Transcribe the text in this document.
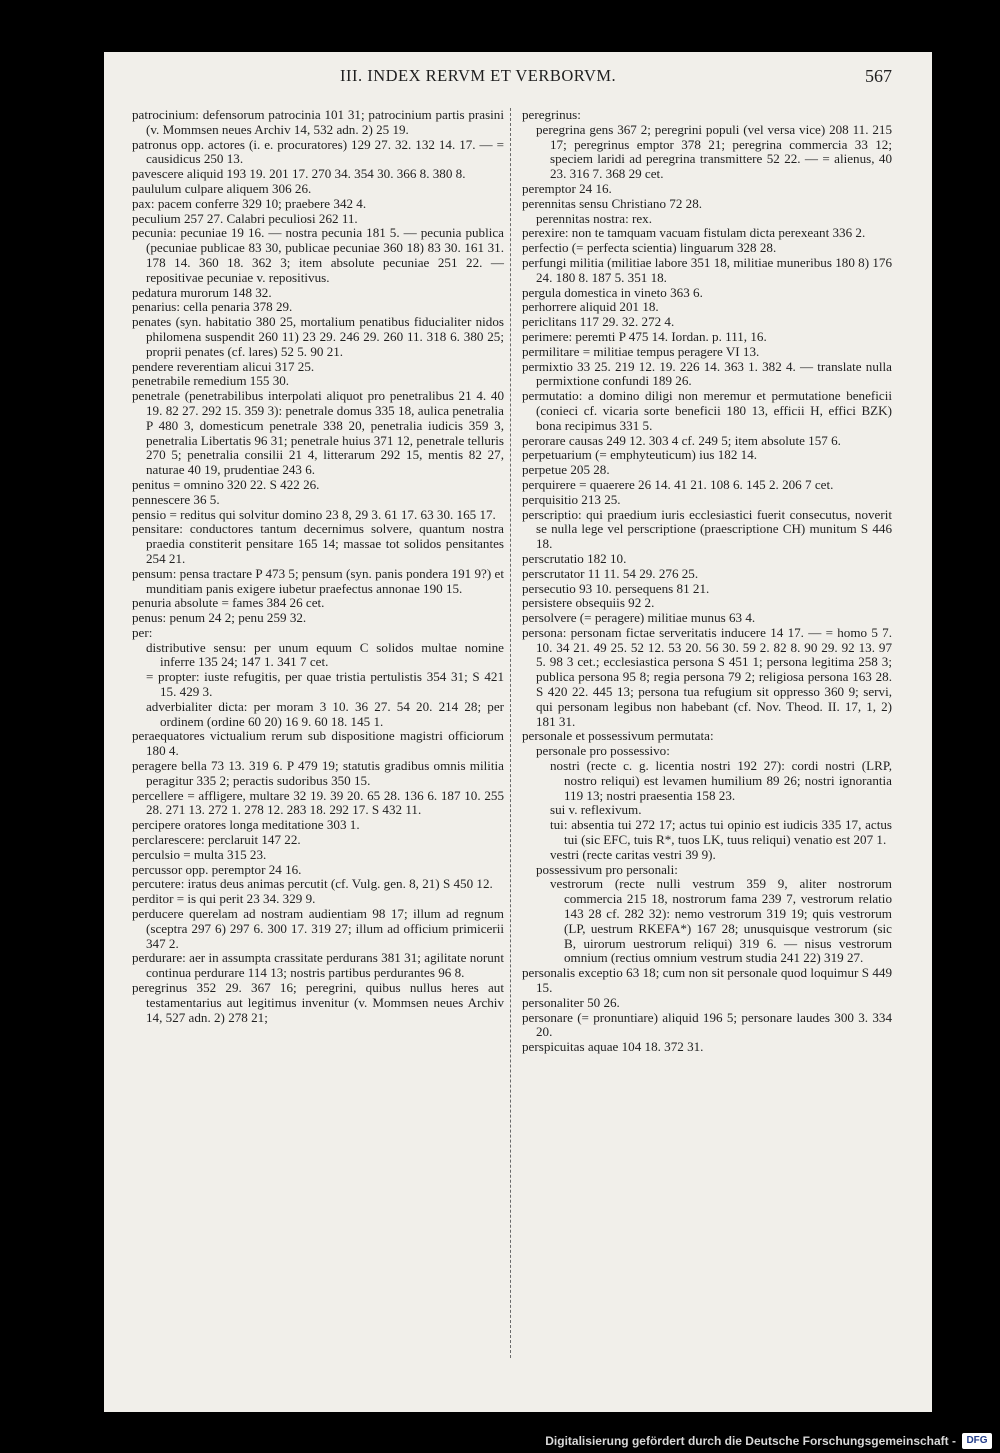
III. INDEX RERVM ET VERBORVM.	567

patrocinium: defensorum patrocinia 101 31; patrocinium partis prasini (v. Mommsen neues Archiv 14, 532 adn. 2) 25 19.

patronus opp. actores (i. e. procuratores) 129 27. 32. 132 14. 17. — = causidicus 250 13.

pavescere aliquid 193 19. 201 17. 270 34. 354 30. 366 8. 380 8.

paululum culpare aliquem 306 26.

pax: pacem conferre 329 10; praebere 342 4.

peculium 257 27. Calabri peculiosi 262 11.

pecunia: pecuniae 19 16. — nostra pecunia 181 5. — pecunia publica (pecuniae publicae 83 30, publicae pecuniae 360 18) 83 30. 161 31. 178 14. 360 18. 362 3; item absolute pecuniae 251 22. — repositivae pecuniae v. repositivus.

pedatura murorum 148 32.

penarius: cella penaria 378 29.

penates (syn. habitatio 380 25, mortalium penatibus fiducialiter nidos philomena suspendit 260 11) 23 29. 246 29. 260 11. 318 6. 380 25; proprii penates (cf. lares) 52 5. 90 21.

pendere reverentiam alicui 317 25.

penetrabile remedium 155 30.

penetrale (penetrabilibus interpolati aliquot pro penetralibus 21 4. 40 19. 82 27. 292 15. 359 3): penetrale domus 335 18, aulica penetralia P 480 3, domesticum penetrale 338 20, penetralia iudicis 359 3, penetralia Libertatis 96 31; penetrale huius 371 12, penetrale telluris 270 5; penetralia consilii 21 4, litterarum 292 15, mentis 82 27, naturae 40 19, prudentiae 243 6.

penitus = omnino 320 22. S 422 26.

pennescere 36 5.

pensio = reditus qui solvitur domino 23 8, 29 3. 61 17. 63 30. 165 17.

pensitare: conductores tantum decernimus solvere, quantum nostra praedia constiterit pensitare 165 14; massae tot solidos pensitantes 254 21.

pensum: pensa tractare P 473 5; pensum (syn. panis pondera 191 9?) et munditiam panis exigere iubetur praefectus annonae 190 15.

penuria absolute = fames 384 26 cet.

penus: penum 24 2; penu 259 32.

per:

distributive sensu: per unum equum C solidos multae nomine inferre 135 24; 147 1. 341 7 cet.

= propter: iuste refugitis, per quae tristia pertulistis 354 31; S 421 15. 429 3.

adverbialiter dicta: per moram 3 10. 36 27. 54 20. 214 28; per ordinem (ordine 60 20) 16 9. 60 18. 145 1.

peraequatores victualium rerum sub dispositione magistri officiorum 180 4.

peragere bella 73 13. 319 6. P 479 19; statutis gradibus omnis militia peragitur 335 2; peractis sudoribus 350 15.

percellere = affligere, multare 32 19. 39 20. 65 28. 136 6. 187 10. 255 28. 271 13. 272 1. 278 12. 283 18. 292 17. S 432 11.

percipere oratores longa meditatione 303 1.

perclarescere: perclaruit 147 22.

perculsio = multa 315 23.

percussor opp. peremptor 24 16.

percutere: iratus deus animas percutit (cf. Vulg. gen. 8, 21) S 450 12.

perditor = is qui perit 23 34. 329 9.

perducere querelam ad nostram audientiam 98 17; illum ad regnum (sceptra 297 6) 297 6. 300 17. 319 27; illum ad officium primicerii 347 2.

perdurare: aer in assumpta crassitate perdurans 381 31; agilitate norunt continua perdurare 114 13; nostris partibus perdurantes 96 8.

peregrinus 352 29. 367 16; peregrini, quibus nullus heres aut testamentarius aut legitimus invenitur (v. Mommsen neues Archiv 14, 527 adn. 2) 278 21;

peregrinus:

peregrina gens 367 2; peregrini populi (vel versa vice) 208 11. 215 17; peregrinus emptor 378 21; peregrina commercia 33 12; speciem laridi ad peregrina transmittere 52 22. — = alienus, 40 23. 316 7. 368 29 cet.

peremptor 24 16.

perennitas sensu Christiano 72 28.

perennitas nostra: rex.

perexire: non te tamquam vacuam fistulam dicta perexeant 336 2.

perfectio (= perfecta scientia) linguarum 328 28.

perfungi militia (militiae labore 351 18, militiae muneribus 180 8) 176 24. 180 8. 187 5. 351 18.

pergula domestica in vineto 363 6.

perhorrere aliquid 201 18.

periclitans 117 29. 32. 272 4.

perimere: peremti P 475 14. Iordan. p. 111, 16.

permilitare = militiae tempus peragere VI 13.

permixtio 33 25. 219 12. 19. 226 14. 363 1. 382 4. — translate nulla permixtione confundi 189 26.

permutatio: a domino diligi non meremur et permutatione beneficii (conieci cf. vicaria sorte beneficii 180 13, efficii H, effici BZK) bona recipimus 331 5.

perorare causas 249 12. 303 4 cf. 249 5; item absolute 157 6.

perpetuarium (= emphyteuticum) ius 182 14.

perpetue 205 28.

perquirere = quaerere 26 14. 41 21. 108 6. 145 2. 206 7 cet.

perquisitio 213 25.

perscriptio: qui praedium iuris ecclesiastici fuerit consecutus, noverit se nulla lege vel perscriptione (praescriptione CH) munitum S 446 18.

perscrutatio 182 10.

perscrutator 11 11. 54 29. 276 25.

persecutio 93 10. persequens 81 21.

persistere obsequiis 92 2.

persolvere (= peragere) militiae munus 63 4.

persona: personam fictae serveritatis inducere 14 17. — = homo 5 7. 10. 34 21. 49 25. 52 12. 53 20. 56 30. 59 2. 82 8. 90 29. 92 13. 97 5. 98 3 cet.; ecclesiastica persona S 451 1; persona legitima 258 3; publica persona 95 8; regia persona 79 2; religiosa persona 163 28. S 420 22. 445 13; persona tua refugium sit oppresso 360 9; servi, qui personam legibus non habebant (cf. Nov. Theod. II. 17, 1, 2) 181 31.

personale et possessivum permutata:

personale pro possessivo:

nostri (recte c. g. licentia nostri 192 27): cordi nostri (LRP, nostro reliqui) est levamen humilium 89 26; nostri ignorantia 119 13; nostri praesentia 158 23.

sui v. reflexivum.

tui: absentia tui 272 17; actus tui opinio est iudicis 335 17, actus tui (sic EFC, tuis R*, tuos LK, tuus reliqui) venatio est 207 1.

vestri (recte caritas vestri 39 9).

possessivum pro personali:

vestrorum (recte nulli vestrum 359 9, aliter nostrorum commercia 215 18, nostrorum fama 239 7, vestrorum relatio 143 28 cf. 282 32): nemo vestrorum 319 19; quis vestrorum (LP, uestrum RKEFA*) 167 28; unusquisque vestrorum (sic B, uirorum uestrorum reliqui) 319 6. — nisus vestrorum omnium (rectius omnium vestrum studia 241 22) 319 27.

personalis exceptio 63 18; cum non sit personale quod loquimur S 449 15.

personaliter 50 26.

personare (= pronuntiare) aliquid 196 5; personare laudes 300 3. 334 20.

perspicuitas aquae 104 18. 372 31.

Digitalisierung gefördert durch die Deutsche Forschungsgemeinschaft -	DFG
